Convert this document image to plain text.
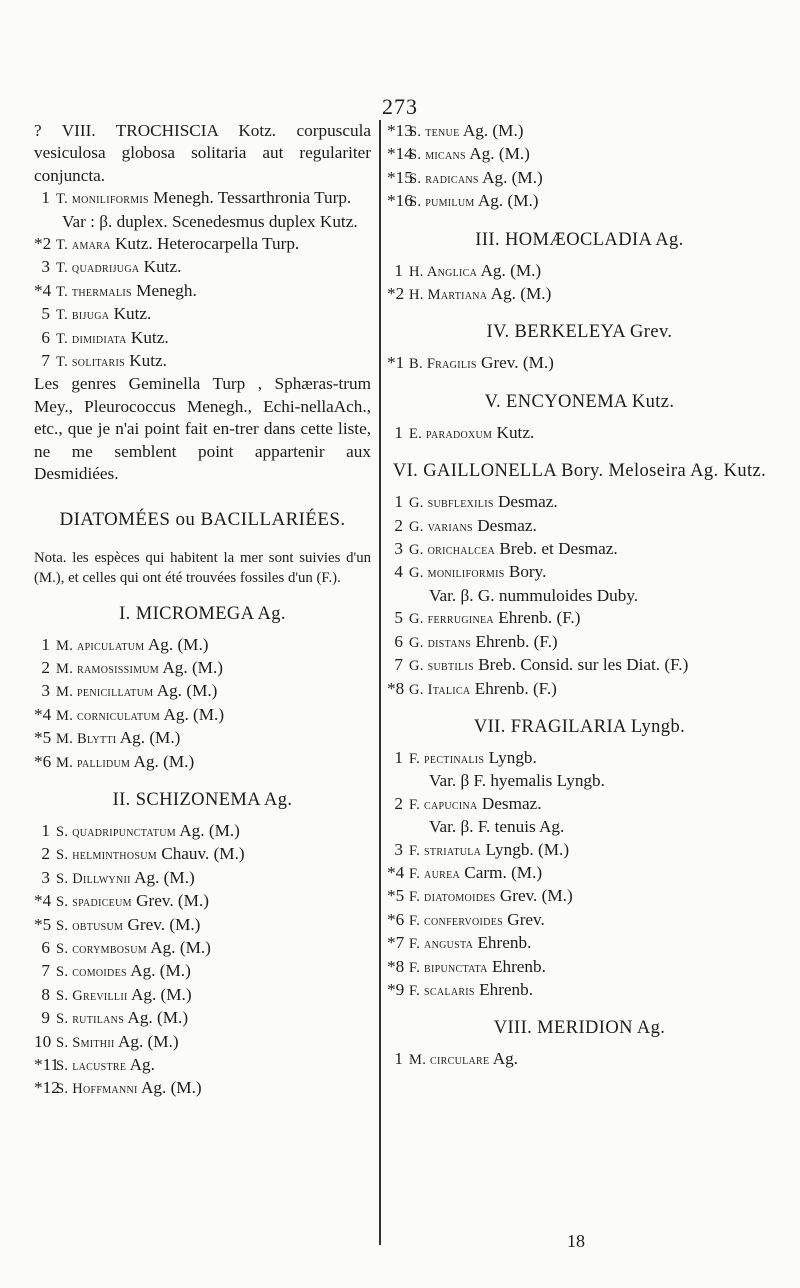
273
? VIII. TROCHISCIA Kotz. corpuscula vesiculosa globosa solitaria aut regulariter conjuncta.
1 T. moniliformis Menegh. Tessarthronia Turp.
Var : β. duplex. Scenedesmus duplex Kutz.
*2 T. amara Kutz. Heterocarpella Turp.
3 T. quadrijuga Kutz.
*4 T. thermalis Menegh.
5 T. bijuga Kutz.
6 T. dimidiata Kutz.
7 T. solitaris Kutz.
Les genres Geminella Turp , Sphæras-trum Mey., Pleurococcus Menegh., Echi-nellaAch., etc., que je n'ai point fait en-trer dans cette liste, ne me semblent point appartenir aux Desmidiées.
DIATOMÉES ou BACILLARIÉES.
Nota. les espèces qui habitent la mer sont suivies d'un (M.), et celles qui ont été trouvées fossiles d'un (F.).
I. MICROMEGA Ag.
1 M. apiculatum Ag. (M.)
2 M. ramosissimum Ag. (M.)
3 M. penicillatum Ag. (M.)
*4 M. corniculatum Ag. (M.)
*5 M. Blytti Ag. (M.)
*6 M. pallidum Ag. (M.)
II. SCHIZONEMA Ag.
1 S. quadripunctatum Ag. (M.)
2 S. helminthosum Chauv. (M.)
3 S. Dillwynii Ag. (M.)
*4 S. spadiceum Grev. (M.)
*5 S. obtusum Grev. (M.)
6 S. corymbosum Ag. (M.)
7 S. comoides Ag. (M.)
8 S. Grevillii Ag. (M.)
9 S. rutilans Ag. (M.)
10 S. Smithii Ag. (M.)
*11S. lacustre Ag.
*12S. Hoffmanni Ag. (M.)
*13S. tenue Ag. (M.)
*14S. micans Ag. (M.)
*15S. radicans Ag. (M.)
*16S. pumilum Ag. (M.)
III. HOMÆOCLADIA Ag.
1 H. Anglica Ag. (M.)
*2 H. Martiana Ag. (M.)
IV. BERKELEYA Grev.
*1 B. Fragilis Grev. (M.)
V. ENCYONEMA Kutz.
1 E. paradoxum Kutz.
VI. GAILLONELLA Bory. Meloseira Ag. Kutz.
1 G. subflexilis Desmaz.
2 G. varians Desmaz.
3 G. orichalcea Breb. et Desmaz.
4 G. moniliformis Bory.
Var. β. G. nummuloides Duby.
5 G. ferruginea Ehrenb. (F.)
6 G. distans Ehrenb. (F.)
7 G. subtilis Breb. Consid. sur les Diat. (F.)
*8 G. Italica Ehrenb. (F.)
VII. FRAGILARIA Lyngb.
1 F. pectinalis Lyngb.
Var. β F. hyemalis Lyngb.
2 F. capucina Desmaz.
Var. β. F. tenuis Ag.
3 F. striatula Lyngb. (M.)
*4 F. aurea Carm. (M.)
*5 F. diatomoides Grev. (M.)
*6 F. confervoides Grev.
*7 F. angusta Ehrenb.
*8 F. bipunctata Ehrenb.
*9 F. scalaris Ehrenb.
VIII. MERIDION Ag.
1 M. circulare Ag.
18
